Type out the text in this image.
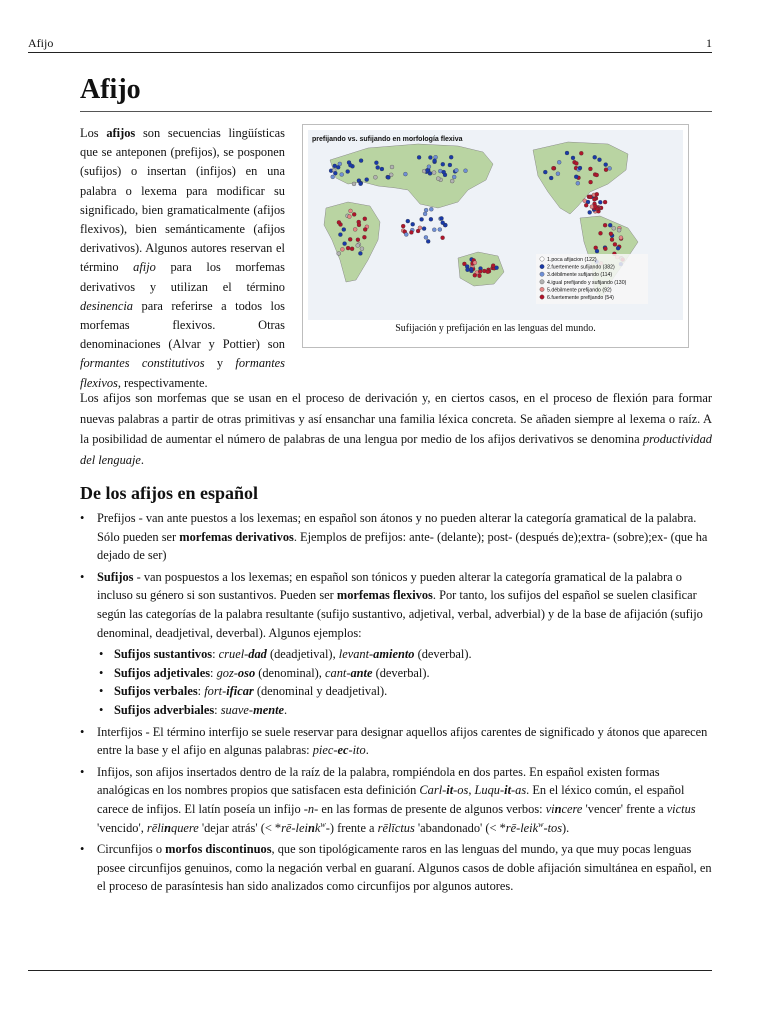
Afijo	1
Afijo

Los afijos son secuencias lingüísticas que se anteponen (prefijos), se posponen (sufijos) o insertan (infijos) en una palabra o lexema para modificar su significado, bien gramaticalmente (afijos flexivos), bien semánticamente (afijos derivativos). Algunos autores reservan el término afijo para los morfemas derivativos y utilizan el término desinencia para referirse a todos los morfemas flexivos. Otras denominaciones (Alvar y Pottier) son formantes constitutivos y formantes flexivos, respectivamente.

prefijando vs. sufijando en morfología flexiva
1.poca afijacion (122)
2.fuertemente sufijando (382)
3.débilmente sufijando (114)
4.igual prefijando y sufijando (130)
5.débilmente prefijando (92)
6.fuertemente prefijando (54)
Sufijación y prefijación en las lenguas del mundo.

Los afijos son morfemas que se usan en el proceso de derivación y, en ciertos casos, en el proceso de flexión para formar nuevas palabras a partir de otras primitivas y así ensanchar una familia léxica concreta. Se añaden siempre al lexema o raíz. A la posibilidad de aumentar el número de palabras de una lengua por medio de los afijos derivativos se denomina productividad del lenguaje.

De los afijos en español
• Prefijos - van ante puestos a los lexemas; en español son átonos y no pueden alterar la categoría gramatical de la palabra. Sólo pueden ser morfemas derivativos. Ejemplos de prefijos: ante- (delante); post- (después de);extra- (sobre);ex- (que ha dejado de ser)
• Sufijos - van pospuestos a los lexemas; en español son tónicos y pueden alterar la categoría gramatical de la palabra o incluso su género si son sustantivos. Pueden ser morfemas flexivos. Por tanto, los sufijos del español se suelen clasificar según las categorías de la palabra resultante (sufijo sustantivo, adjetival, verbal, adverbial) y de la base de afijación (sufijo denominal, deadjetival, deverbal). Algunos ejemplos:
• Sufijos sustantivos: cruel-dad (deadjetival), levant-amiento (deverbal).
• Sufijos adjetivales: goz-oso (denominal), cant-ante (deverbal).
• Sufijos verbales: fort-ificar (denominal y deadjetival).
• Sufijos adverbiales: suave-mente.
• Interfijos - El término interfijo se suele reservar para designar aquellos afijos carentes de significado y átonos que aparecen entre la base y el afijo en algunas palabras: piec-ec-ito.
• Infijos, son afijos insertados dentro de la raíz de la palabra, rompiéndola en dos partes. En español existen formas analógicas en los nombres propios que satisfacen esta definición Carl-it-os, Luqu-it-as. En el léxico común, el español carece de infijos. El latín poseía un infijo -n- en las formas de presente de algunos verbos: vincere 'vencer' frente a victus 'vencido', rēlinquere 'dejar atrás' (< *rē-leink$^w$-) frente a rēlīctus 'abandonado' (< *rē-leik$^w$-tos).
• Circunfijos o morfos discontinuos, que son tipológicamente raros en las lenguas del mundo, ya que muy pocas lenguas posee circunfijos genuinos, como la negación verbal en guaraní. Algunos casos de doble afijación simultánea en español, en el proceso de parasíntesis han sido analizados como circunfijos por algunos autores.
